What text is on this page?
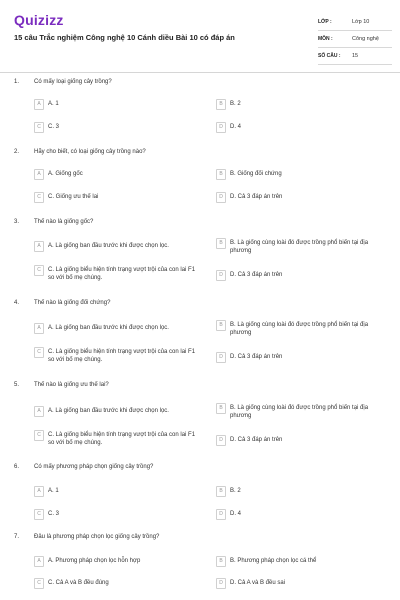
Quizizz
15 câu Trắc nghiệm Công nghệ 10 Cánh diều Bài 10 có đáp án
LỚP :	Lớp 10
MÔN :	Công nghệ
SỐ CÂU :	15
1. Có mấy loại giống cây trồng?
A	A. 1	B	B. 2
C	C. 3	D	D. 4
2. Hãy cho biết, có loại giống cây trồng nào?
A	A. Giống gốc	B	B. Giống đối chứng
C	C. Giống ưu thế lai	D	D. Cả 3 đáp án trên
3. Thế nào là giống gốc?
A	A. Là giống ban đầu trước khi được chọn lọc.	B	B. Là giống cùng loài đó được trồng phổ biến tại địa phương
C	C. Là giống biểu hiện tính trạng vượt trội của con lai F1 so với bố mẹ chúng.	D	D. Cả 3 đáp án trên
4. Thế nào là giống đối chứng?
A	A. Là giống ban đầu trước khi được chọn lọc.	B	B. Là giống cùng loài đó được trồng phổ biến tại địa phương
C	C. Là giống biểu hiện tính trạng vượt trội của con lai F1 so với bố mẹ chúng.	D	D. Cả 3 đáp án trên
5. Thế nào là giống ưu thế lai?
A	A. Là giống ban đầu trước khi được chọn lọc.	B	B. Là giống cùng loài đó được trồng phổ biến tại địa phương
C	C. Là giống biểu hiện tính trạng vượt trội của con lai F1 so với bố mẹ chúng.	D	D. Cả 3 đáp án trên
6. Có mấy phương pháp chọn giống cây trồng?
A	A. 1	B	B. 2
C	C. 3	D	D. 4
7. Đâu là phương pháp chọn lọc giống cây trồng?
A	A. Phương pháp chọn lọc hỗn hợp	B	B. Phương pháp chọn lọc cá thể
C	C. Cả A và B đều đúng	D	D. Cả A và B đều sai
